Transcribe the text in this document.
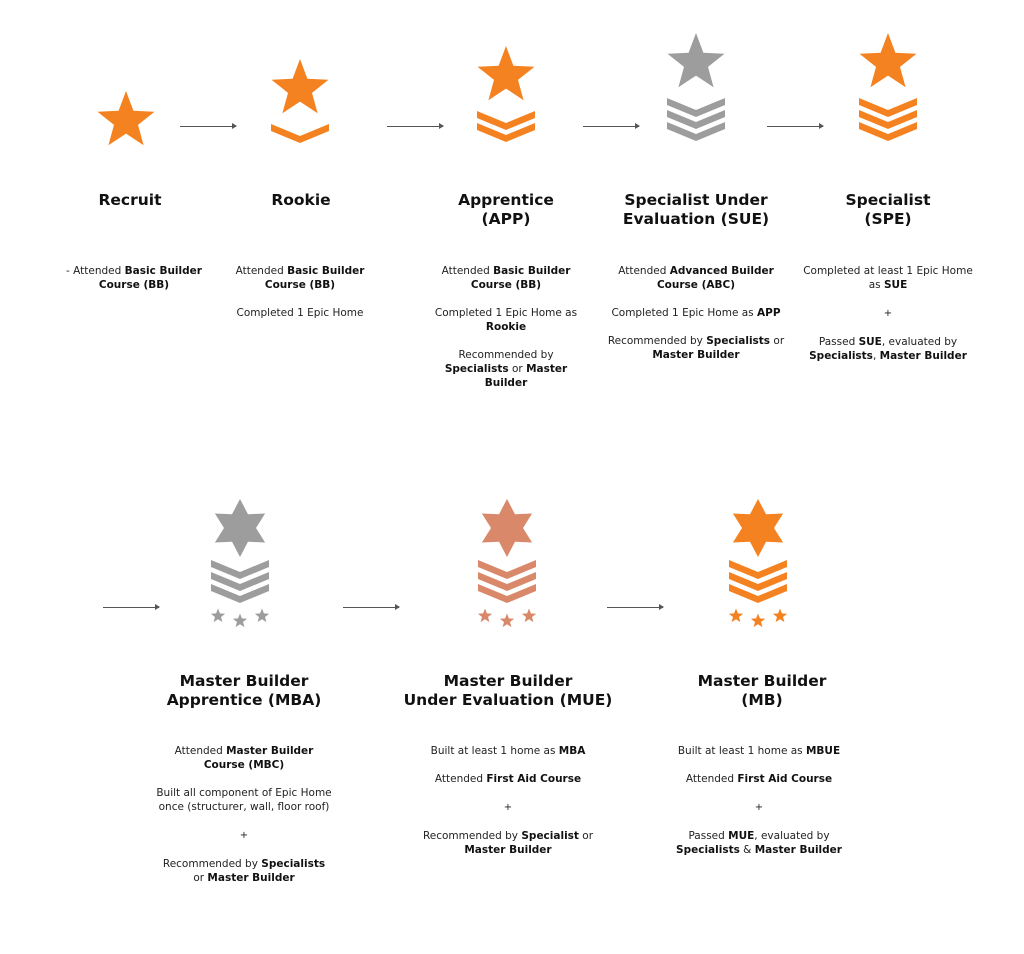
Recruit

- Attended Basic Builder Course (BB)

Rookie

Attended Basic Builder Course (BB)

Completed 1 Epic Home

Apprentice
(APP)

Attended Basic Builder Course (BB)

Completed 1 Epic Home as Rookie

Recommended by Specialists or Master Builder

Specialist Under
Evaluation (SUE)

Attended Advanced Builder Course (ABC)

Completed 1 Epic Home as APP

Recommended by Specialists or Master Builder

Specialist
(SPE)

Completed at least 1 Epic Home as SUE

+

Passed SUE, evaluated by Specialists, Master Builder

Master Builder
Apprentice (MBA)

Attended Master Builder Course (MBC)

Built all component of Epic Home once (structurer, wall, floor roof)

+

Recommended by Specialists or Master Builder

Master Builder
Under Evaluation (MUE)

Built at least 1 home as MBA

Attended First Aid Course

+

Recommended by Specialist or Master Builder

Master Builder
(MB)

Built at least 1 home as MBUE

Attended First Aid Course

+

Passed MUE, evaluated by Specialists & Master Builder
